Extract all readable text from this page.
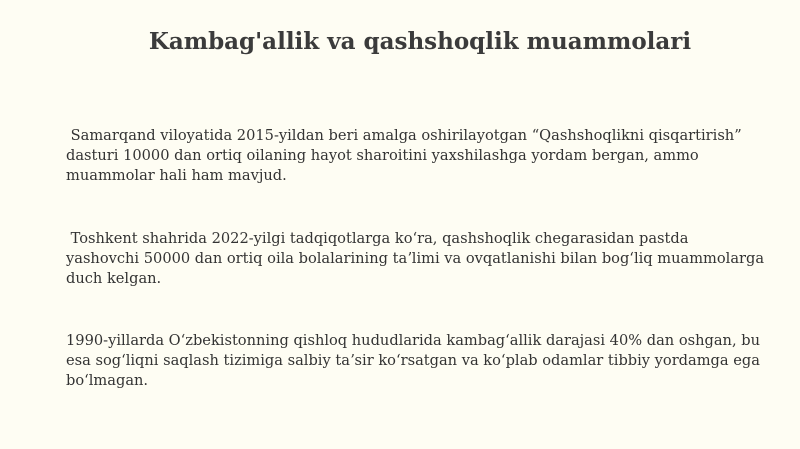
Kambag'allik va qashshoqlik muammolari

Samarqand viloyatida 2015-yildan beri amalga oshirilayotgan “Qashshoqlikni qisqartirish” dasturi 10000 dan ortiq oilaning hayot sharoitini yaxshilashga yordam bergan, ammo muammolar hali ham mavjud.

Toshkent shahrida 2022-yilgi tadqiqotlarga koʻra, qashshoqlik chegarasidan pastda yashovchi 50000 dan ortiq oila bolalarining taʼlimi va ovqatlanishi bilan bogʻliq muammolarga duch kelgan.

1990-yillarda Oʻzbekistonning qishloq hududlarida kambagʻallik darajasi 40% dan oshgan, bu esa sogʻliqni saqlash tizimiga salbiy taʼsir koʻrsatgan va koʻplab odamlar tibbiy yordamga ega boʻlmagan.
